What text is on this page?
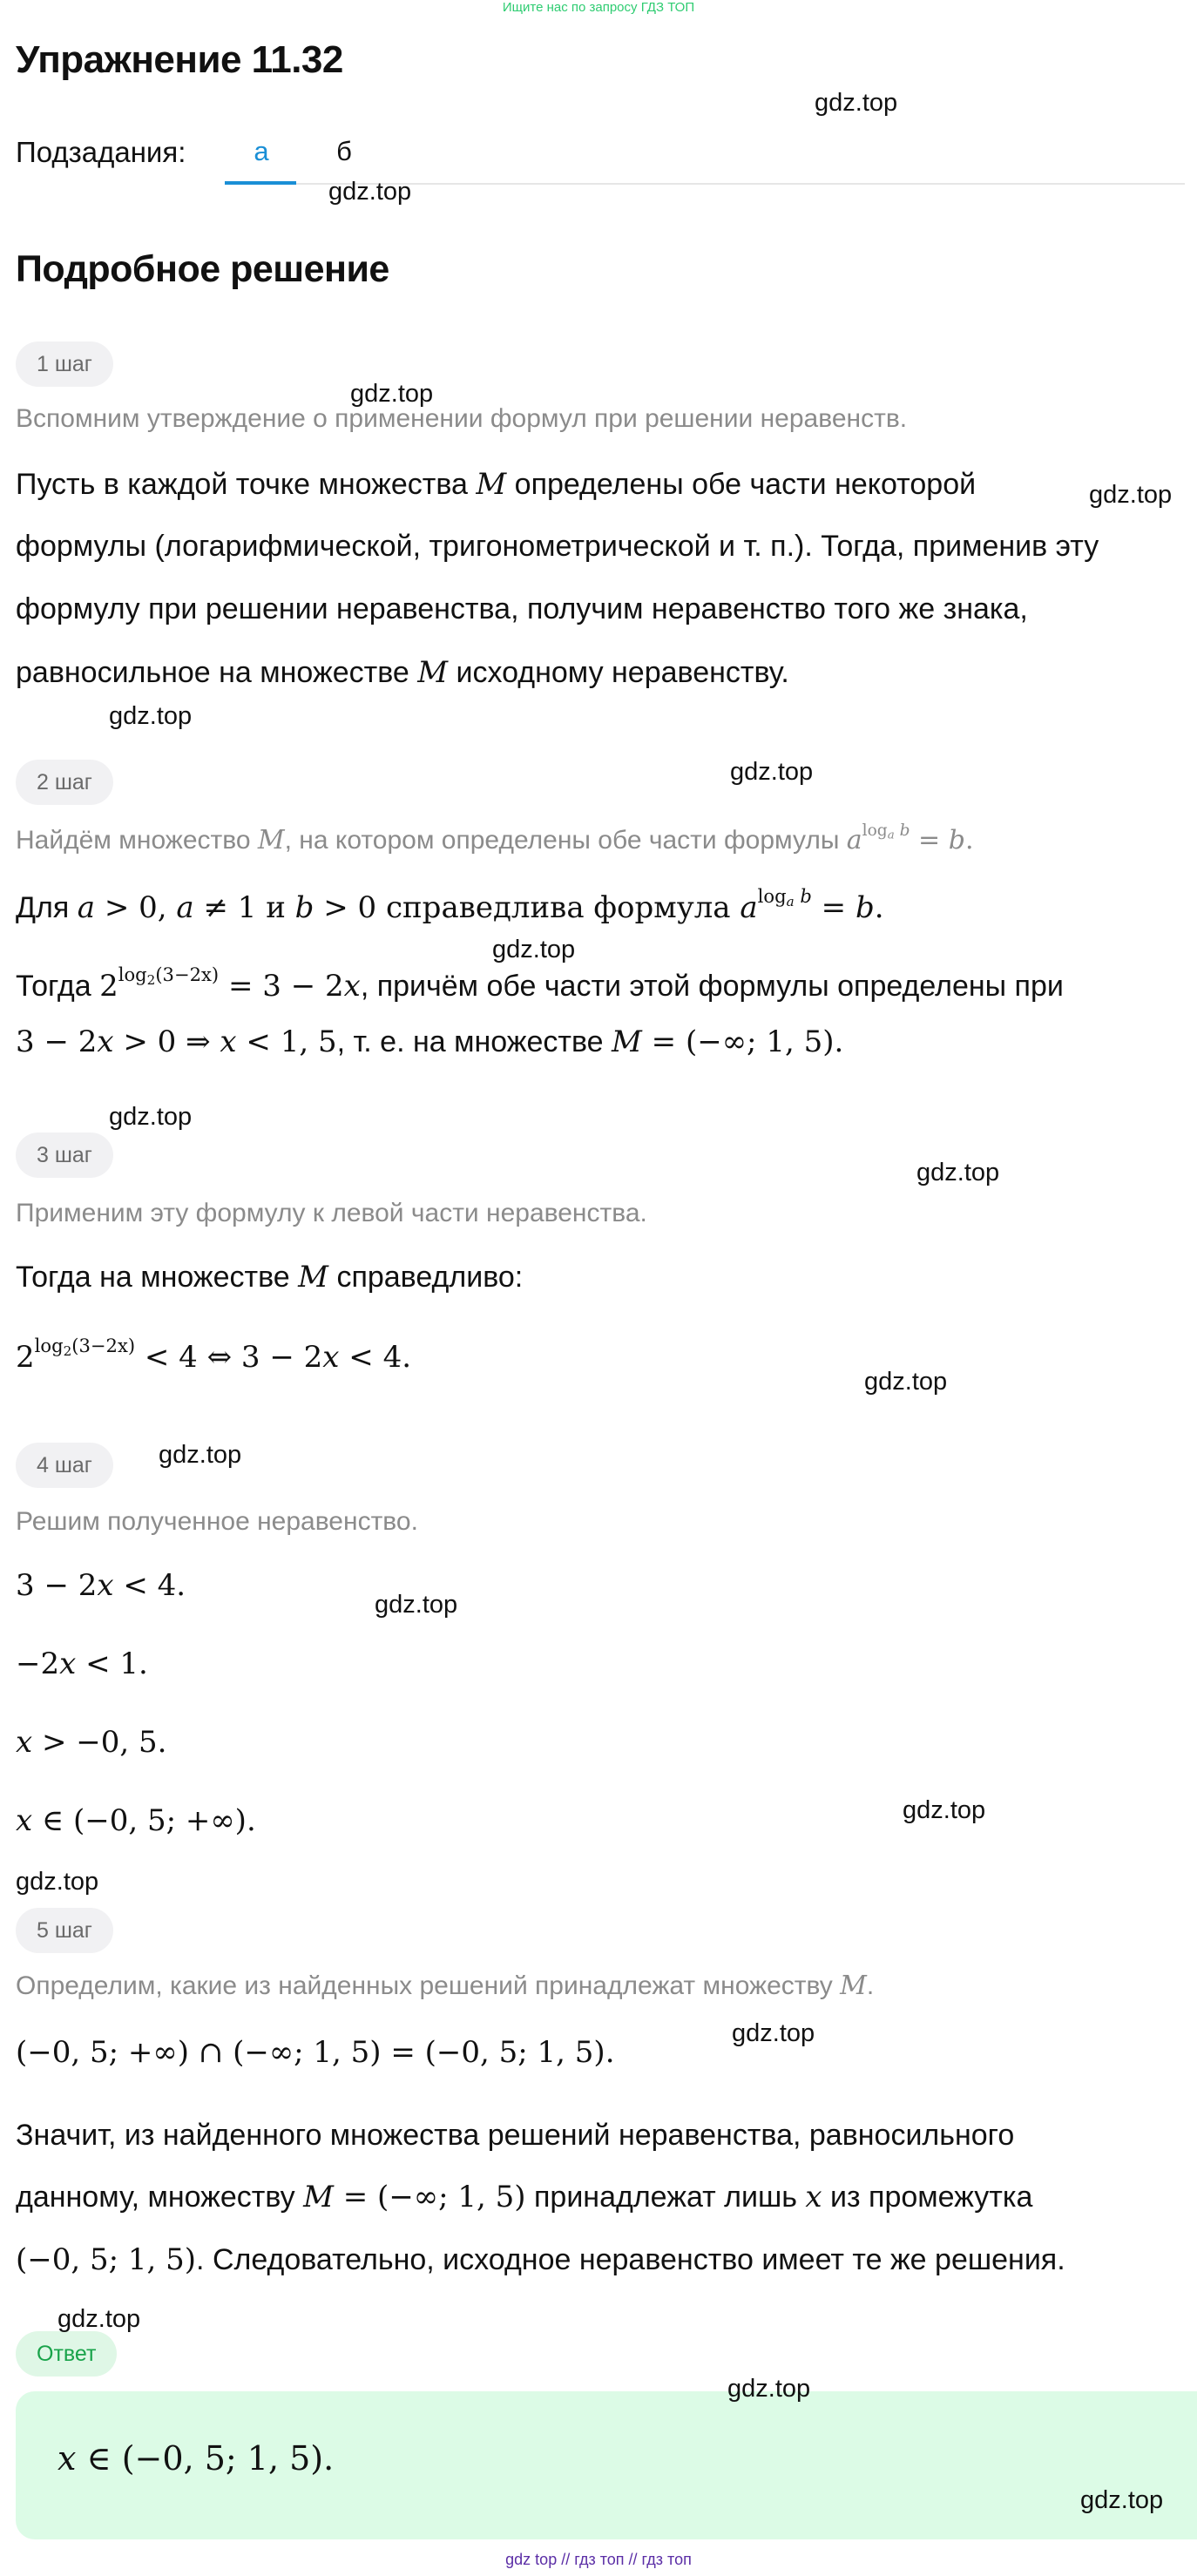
Ищите нас по запросу ГДЗ ТОП
Упражнение 11.32
Подзадания:	а	б
Подробное решение
1 шаг
Вспомним утверждение о применении формул при решении неравенств.
Пусть в каждой точке множества M определены обе части некоторой
формулы (логарифмической, тригонометрической и т. п.). Тогда, применив эту
формулу при решении неравенства, получим неравенство того же знака,
равносильное на множестве M исходному неравенству.
2 шаг
Найдём множество M, на котором определены обе части формулы $a^{log_a b} = b$.
Для a > 0, a ≠ 1 и b > 0 справедлива формула $a^{log_a b} = b$.
Тогда $2^{log_2(3-2x)} = 3 - 2x$, причём обе части этой формулы определены при
3 − 2x > 0 ⇒ x < 1, 5, т. е. на множестве M = (−∞; 1, 5).
3 шаг
Применим эту формулу к левой части неравенства.
Тогда на множестве M справедливо:
$2^{log_2(3-2x)} < 4$ ⇔ 3 − 2x < 4.
4 шаг
Решим полученное неравенство.
3 − 2x < 4.
−2x < 1.
x > −0, 5.
x ∈ (−0, 5; +∞).
5 шаг
Определим, какие из найденных решений принадлежат множеству M.
(−0, 5; +∞) ∩ (−∞; 1, 5) = (−0, 5; 1, 5).
Значит, из найденного множества решений неравенства, равносильного
данному, множеству M = (−∞; 1, 5) принадлежат лишь x из промежутка
(−0, 5; 1, 5). Следовательно, исходное неравенство имеет те же решения.
Ответ
x ∈ (−0, 5; 1, 5).
gdz.top
gdz.top
gdz.top
gdz.top
gdz.top
gdz.top
gdz.top
gdz.top
gdz.top
gdz.top
gdz.top
gdz.top
gdz.top
gdz.top
gdz.top
gdz.top
gdz.top
gdz.top
gdz top // гдз топ // гдз топ
